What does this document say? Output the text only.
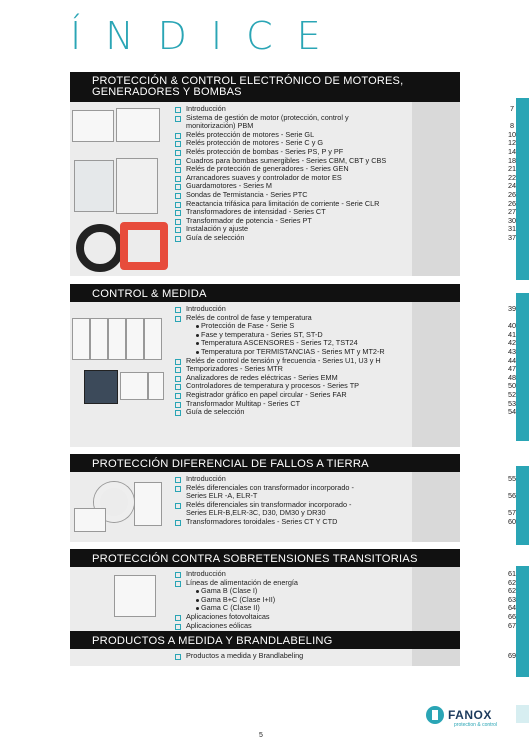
ÍNDICE
PROTECCIÓN & CONTROL ELECTRÓNICO DE MOTORES, GENERADORES Y BOMBAS
Introducción	7
Sistema de gestión de motor (protección, control y
monitorización) PBM	8
Relés protección de motores - Serie GL	10
Relés protección de motores - Serie C y G	12
Relés protección de bombas - Series PS, P y PF	14
Cuadros para bombas sumergibles - Series CBM, CBT y CBS	18
Relés de protección de generadores - Series GEN	21
Arrancadores suaves y controlador de motor ES	22
Guardamotores - Series M	24
Sondas de Termistancia - Series PTC	26
Reactancia trifásica para limitación de corriente - Serie CLR	26
Transformadores de intensidad - Series CT	27
Transformador de potencia - Series PT	30
Instalación y ajuste	31
Guía de selección	37
CONTROL & MEDIDA
Introducción	39
Relés de control de fase y temperatura
Protección de Fase - Serie S	40
Fase y temperatura - Series ST, ST-D	41
Temperatura ASCENSORES - Series T2, TST24	42
Temperatura por TERMISTANCIAS - Series MT y MT2-R	43
Relés de control de tensión y frecuencia - Series U1, U3 y H	44
Temporizadores - Series MTR	47
Analizadores de redes eléctricas - Series EMM	48
Controladores de temperatura y procesos - Series TP	50
Registrador gráfico en papel circular - Series FAR	52
Transformador Multitap - Series CT	53
Guía de selección	54
PROTECCIÓN DIFERENCIAL DE FALLOS A TIERRA
Introducción	55
Relés diferenciales con transformador incorporado -
Series ELR -A, ELR-T	56
Relés diferenciales sin transformador incorporado -
Series ELR-B,ELR-3C, D30, DM30 y DR30	57
Transformadores toroidales - Series CT Y CTD	60
PROTECCIÓN CONTRA SOBRETENSIONES TRANSITORIAS
Introducción	61
Líneas de alimentación de energía	62
Gama B (Clase I)	62
Gama B+C (Clase I+II)	63
Gama C (Clase II)	64
Aplicaciones fotovoltaicas	66
Aplicaciones eólicas	67
PRODUCTOS A MEDIDA Y BRANDLABELING
Productos a medida y Brandlabeling	69
FANOX
protection & control
5
